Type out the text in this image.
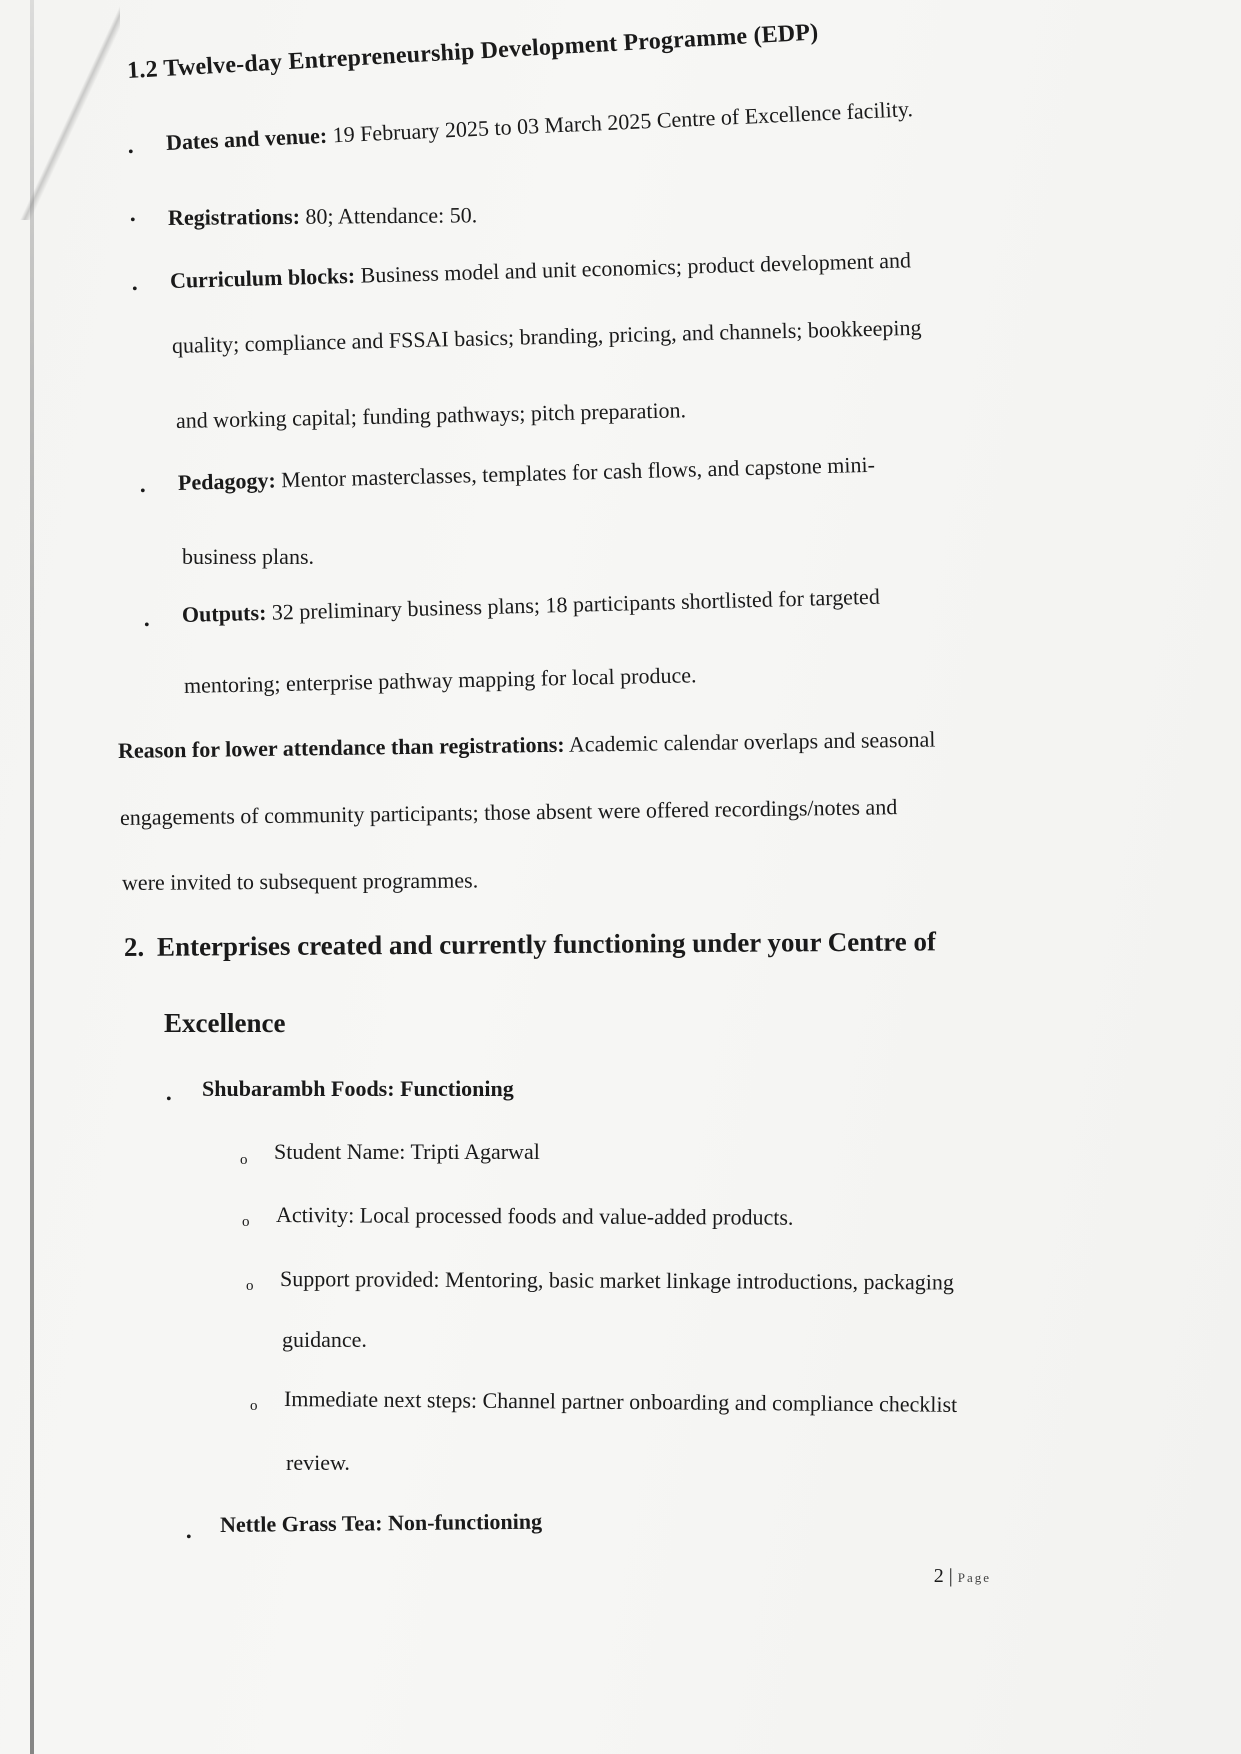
1.2 Twelve-day Entrepreneurship Development Programme (EDP)
• Dates and venue: 19 February 2025 to 03 March 2025 Centre of Excellence facility.
• Registrations: 80; Attendance: 50.
• Curriculum blocks: Business model and unit economics; product development and
quality; compliance and FSSAI basics; branding, pricing, and channels; bookkeeping
and working capital; funding pathways; pitch preparation.
• Pedagogy: Mentor masterclasses, templates for cash flows, and capstone mini-
business plans.
• Outputs: 32 preliminary business plans; 18 participants shortlisted for targeted
mentoring; enterprise pathway mapping for local produce.
Reason for lower attendance than registrations: Academic calendar overlaps and seasonal
engagements of community participants; those absent were offered recordings/notes and
were invited to subsequent programmes.
2. Enterprises created and currently functioning under your Centre of
Excellence
• Shubarambh Foods: Functioning
o Student Name: Tripti Agarwal
o Activity: Local processed foods and value-added products.
o Support provided: Mentoring, basic market linkage introductions, packaging
guidance.
o Immediate next steps: Channel partner onboarding and compliance checklist
review.
•
Nettle Grass Tea: Non-functioning
2 | Page
